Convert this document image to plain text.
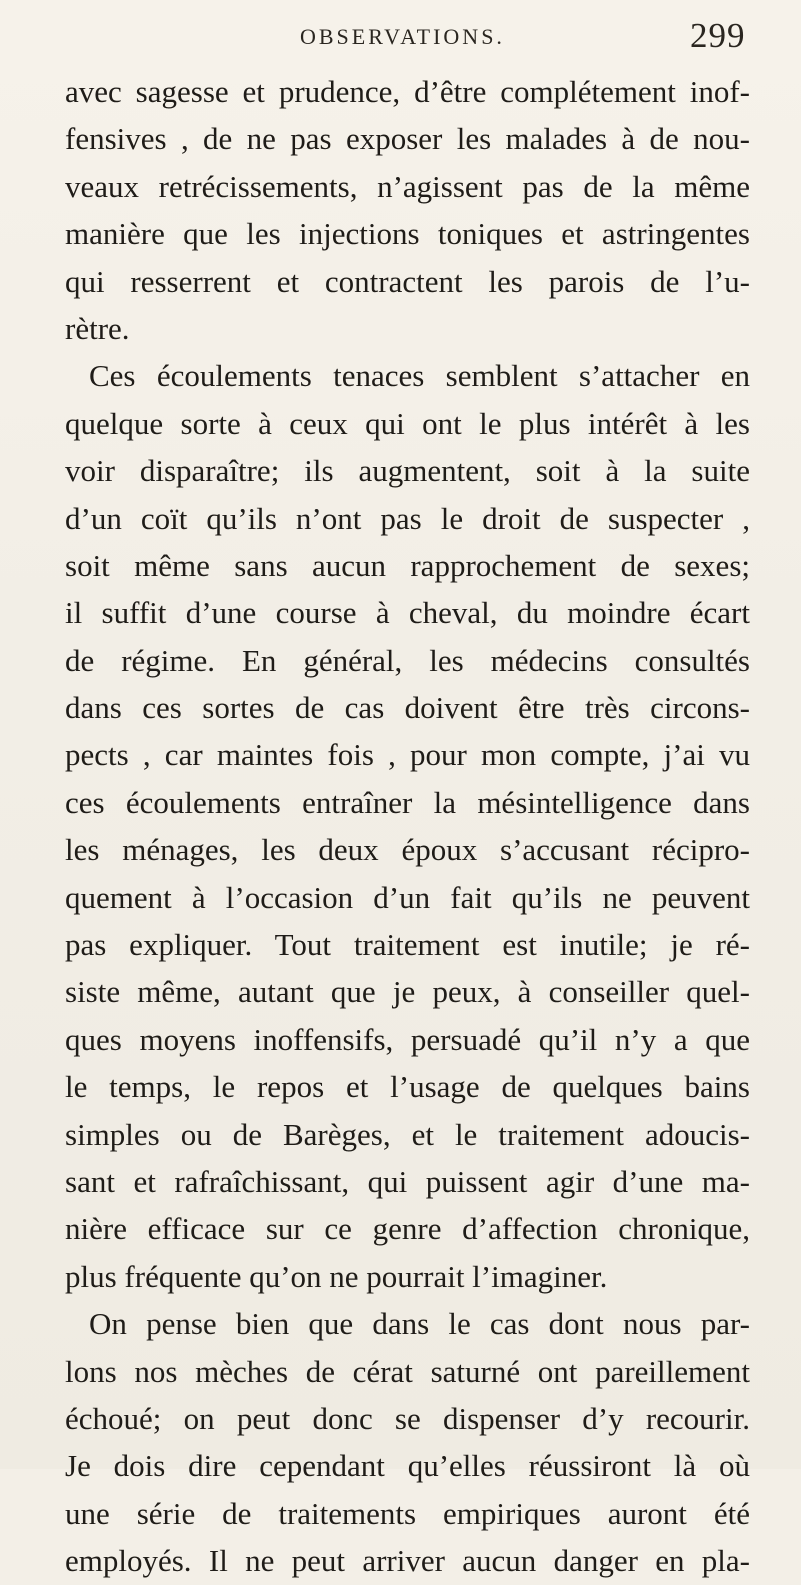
OBSERVATIONS.	299
avec sagesse et prudence, d’être complétement inof-
fensives , de ne pas exposer les malades à de nou-
veaux retrécissements, n’agissent pas de la même
manière que les injections toniques et astringentes
qui resserrent et contractent les parois de l’u-
rètre.
Ces écoulements tenaces semblent s’attacher en
quelque sorte à ceux qui ont le plus intérêt à les
voir disparaître; ils augmentent, soit à la suite
d’un coït qu’ils n’ont pas le droit de suspecter ,
soit même sans aucun rapprochement de sexes;
il suffit d’une course à cheval, du moindre écart
de régime. En général, les médecins consultés
dans ces sortes de cas doivent être très circons-
pects , car maintes fois , pour mon compte, j’ai vu
ces écoulements entraîner la mésintelligence dans
les ménages, les deux époux s’accusant récipro-
quement à l’occasion d’un fait qu’ils ne peuvent
pas expliquer. Tout traitement est inutile; je ré-
siste même, autant que je peux, à conseiller quel-
ques moyens inoffensifs, persuadé qu’il n’y a que
le temps, le repos et l’usage de quelques bains
simples ou de Barèges, et le traitement adoucis-
sant et rafraîchissant, qui puissent agir d’une ma-
nière efficace sur ce genre d’affection chronique,
plus fréquente qu’on ne pourrait l’imaginer.
On pense bien que dans le cas dont nous par-
lons nos mèches de cérat saturné ont pareillement
échoué; on peut donc se dispenser d’y recourir.
Je dois dire cependant qu’elles réussiront là où
une série de traitements empiriques auront été
employés. Il ne peut arriver aucun danger en pla-
